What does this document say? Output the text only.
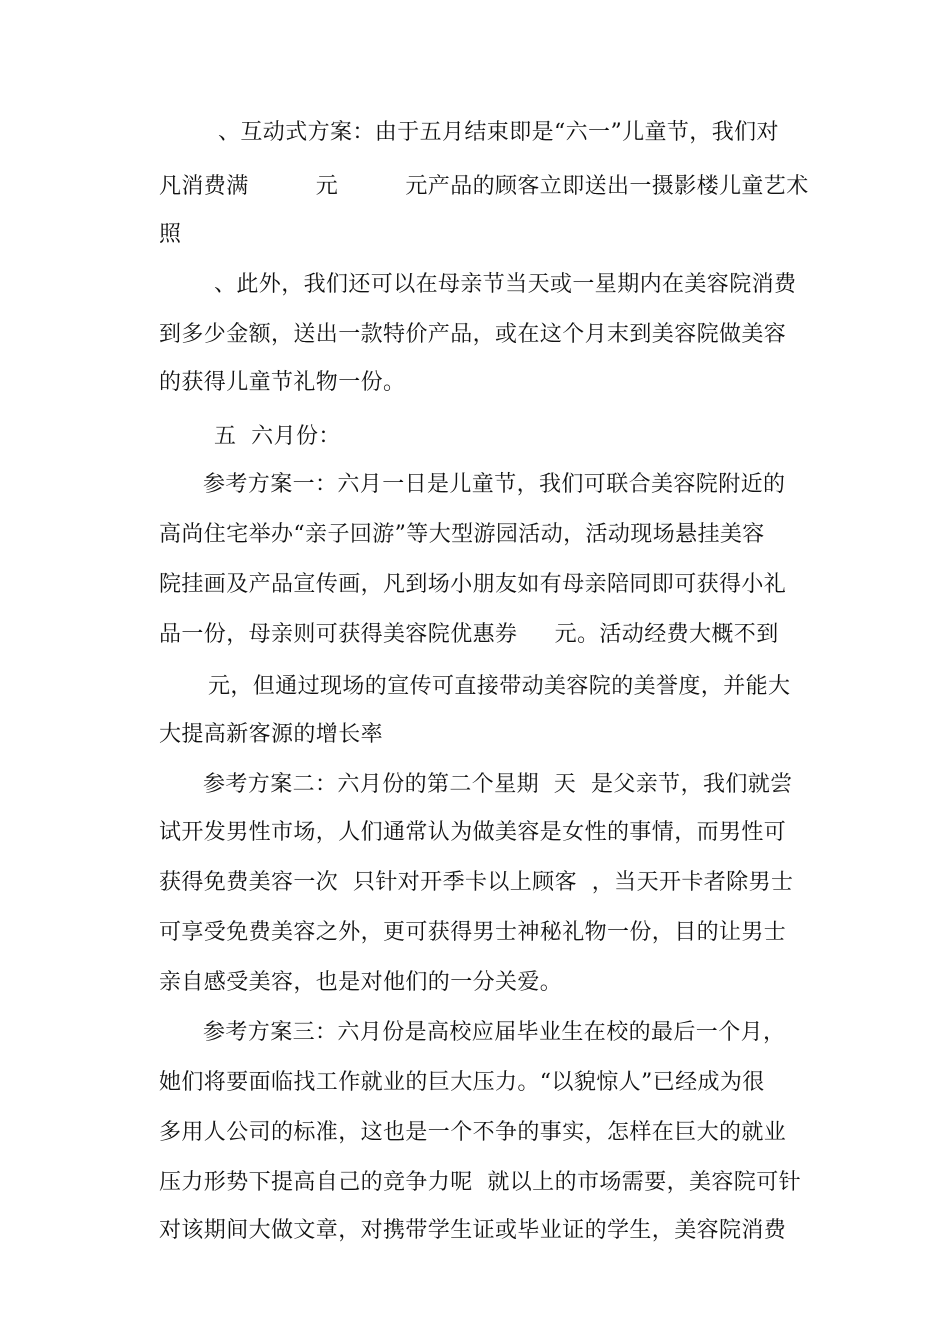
、互动式方案：由于五月结束即是“六一”儿童节，我们对
凡消费满　　　元　　　元产品的顾客立即送出一摄影楼儿童艺术
照
、此外，我们还可以在母亲节当天或一星期内在美容院消费
到多少金额，送出一款特价产品，或在这个月末到美容院做美容
的获得儿童节礼物一份。
五  六月份：
参考方案一：六月一日是儿童节，我们可联合美容院附近的
高尚住宅举办“亲子回游”等大型游园活动，活动现场悬挂美容
院挂画及产品宣传画，凡到场小朋友如有母亲陪同即可获得小礼
品一份，母亲则可获得美容院优惠券　  元。活动经费大概不到
元，但通过现场的宣传可直接带动美容院的美誉度，并能大
大提高新客源的增长率
参考方案二：六月份的第二个星期  天  是父亲节，我们就尝
试开发男性市场，人们通常认为做美容是女性的事情，而男性可
获得免费美容一次  只针对开季卡以上顾客  ，当天开卡者除男士
可享受免费美容之外，更可获得男士神秘礼物一份，目的让男士
亲自感受美容，也是对他们的一分关爱。
参考方案三：六月份是高校应届毕业生在校的最后一个月，
她们将要面临找工作就业的巨大压力。“以貌惊人”已经成为很
多用人公司的标准，这也是一个不争的事实，怎样在巨大的就业
压力形势下提高自己的竞争力呢  就以上的市场需要，美容院可针
对该期间大做文章，对携带学生证或毕业证的学生，美容院消费
